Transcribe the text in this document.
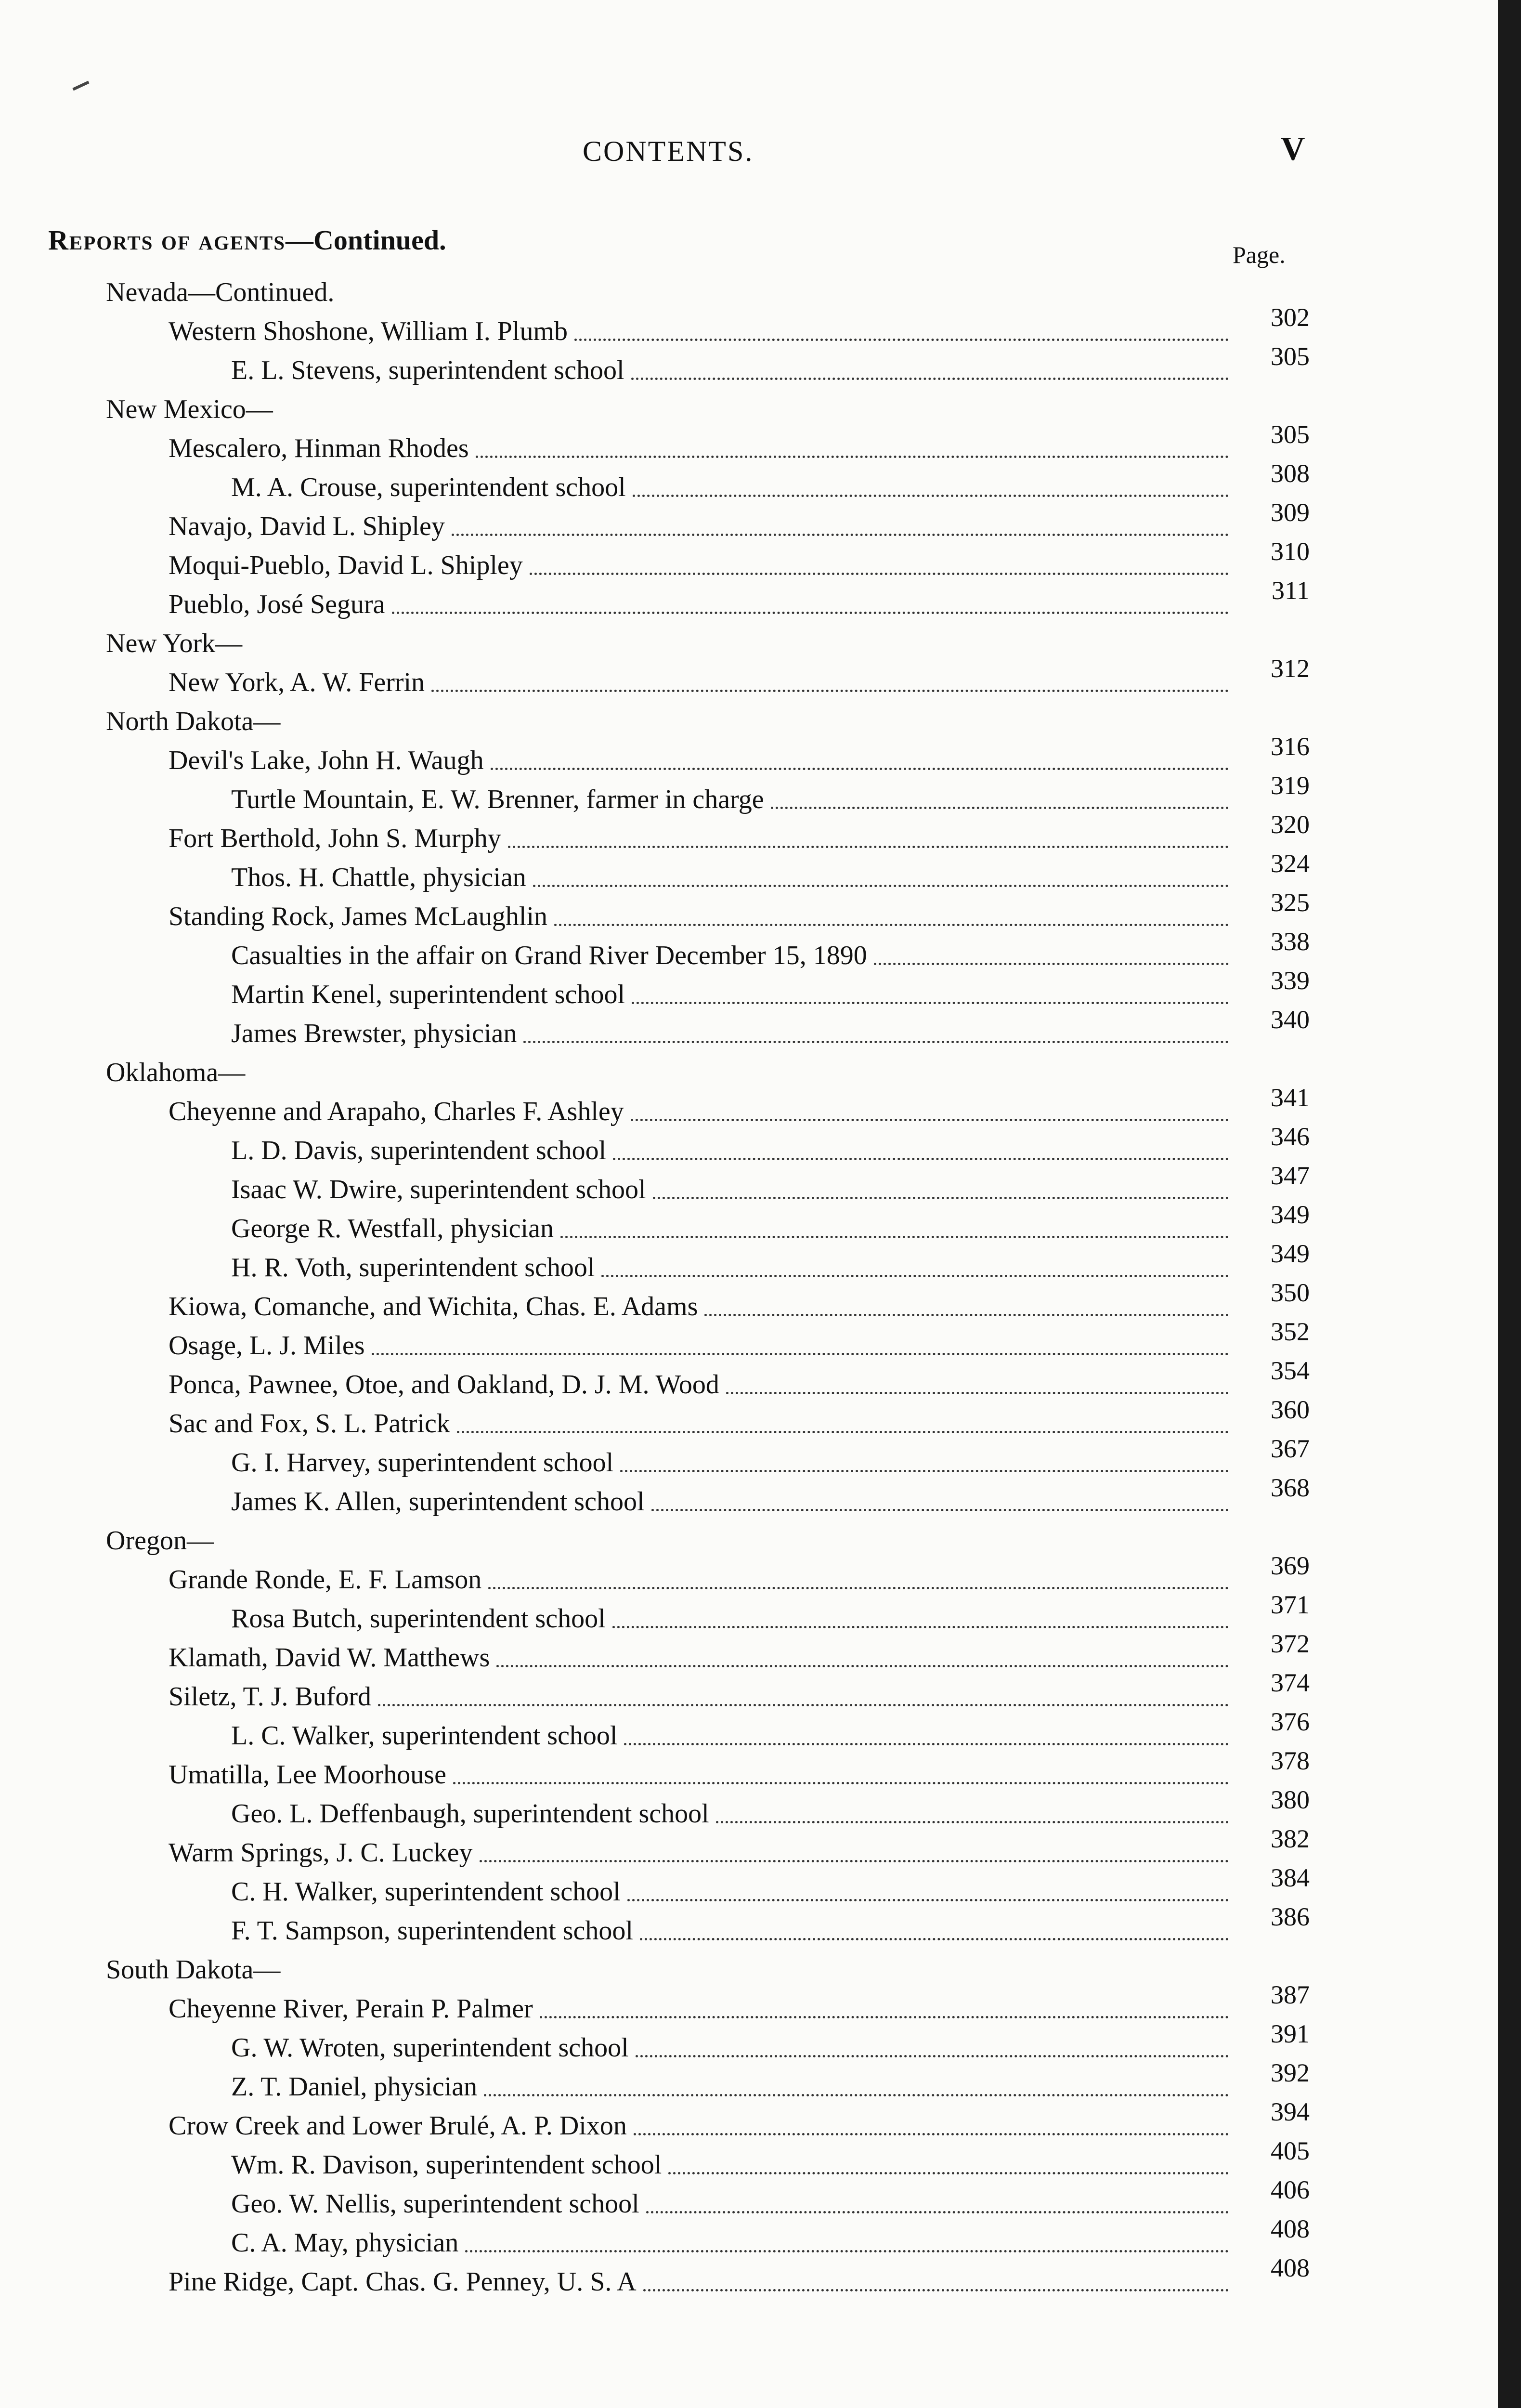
CONTENTS.	V
Reports of agents—Continued.	Page.
Nevada—Continued.
Western Shoshone, William I. Plumb	302
E. L. Stevens, superintendent school	305
New Mexico—
Mescalero, Hinman Rhodes	305
M. A. Crouse, superintendent school	308
Navajo, David L. Shipley	309
Moqui-Pueblo, David L. Shipley	310
Pueblo, José Segura	311
New York—
New York, A. W. Ferrin	312
North Dakota—
Devil's Lake, John H. Waugh	316
Turtle Mountain, E. W. Brenner, farmer in charge	319
Fort Berthold, John S. Murphy	320
Thos. H. Chattle, physician	324
Standing Rock, James McLaughlin	325
Casualties in the affair on Grand River December 15, 1890	338
Martin Kenel, superintendent school	339
James Brewster, physician	340
Oklahoma—
Cheyenne and Arapaho, Charles F. Ashley	341
L. D. Davis, superintendent school	346
Isaac W. Dwire, superintendent school	347
George R. Westfall, physician	349
H. R. Voth, superintendent school	349
Kiowa, Comanche, and Wichita, Chas. E. Adams	350
Osage, L. J. Miles	352
Ponca, Pawnee, Otoe, and Oakland, D. J. M. Wood	354
Sac and Fox, S. L. Patrick	360
G. I. Harvey, superintendent school	367
James K. Allen, superintendent school	368
Oregon—
Grande Ronde, E. F. Lamson	369
Rosa Butch, superintendent school	371
Klamath, David W. Matthews	372
Siletz, T. J. Buford	374
L. C. Walker, superintendent school	376
Umatilla, Lee Moorhouse	378
Geo. L. Deffenbaugh, superintendent school	380
Warm Springs, J. C. Luckey	382
C. H. Walker, superintendent school	384
F. T. Sampson, superintendent school	386
South Dakota—
Cheyenne River, Perain P. Palmer	387
G. W. Wroten, superintendent school	391
Z. T. Daniel, physician	392
Crow Creek and Lower Brulé, A. P. Dixon	394
Wm. R. Davison, superintendent school	405
Geo. W. Nellis, superintendent school	406
C. A. May, physician	408
Pine Ridge, Capt. Chas. G. Penney, U. S. A	408
